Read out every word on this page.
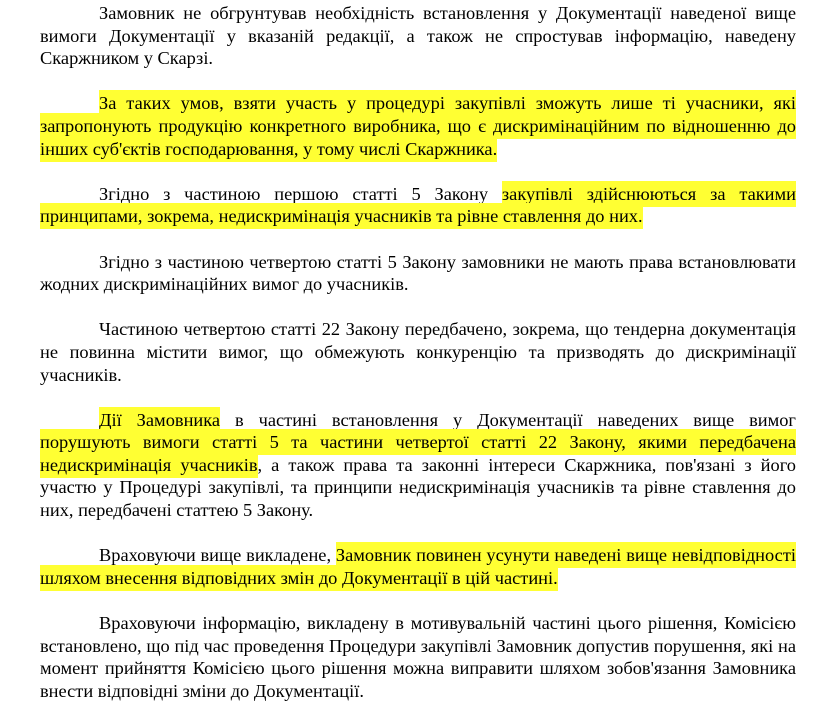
Замовник не обгрунтував необхідність встановлення у Документації наведеної вище вимоги Документації у вказаній редакції, а також не спростував інформацію, наведену Скаржником у Скарзі.

За таких умов, взяти участь у процедурі закупівлі зможуть лише ті учасники, які запропонують продукцію конкретного виробника, що є дискримінаційним по відношенню до інших суб'єктів господарювання, у тому числі Скаржника.

Згідно з частиною першою статті 5 Закону закупівлі здійснюються за такими принципами, зокрема, недискримінація учасників та рівне ставлення до них.

Згідно з частиною четвертою статті 5 Закону замовники не мають права встановлювати жодних дискримінаційних вимог до учасників.

Частиною четвертою статті 22 Закону передбачено, зокрема, що тендерна документація не повинна містити вимог, що обмежують конкуренцію та призводять до дискримінації учасників.

Дії Замовника в частині встановлення у Документації наведених вище вимог порушують вимоги статті 5 та частини четвертої статті 22 Закону, якими передбачена недискримінація учасників, а також права та законні інтереси Скаржника, пов'язані з його участю у Процедурі закупівлі, та принципи недискримінація учасників та рівне ставлення до них, передбачені статтею 5 Закону.

Враховуючи вище викладене, Замовник повинен усунути наведені вище невідповідності шляхом внесення відповідних змін до Документації в цій частині.

Враховуючи інформацію, викладену в мотивувальній частині цього рішення, Комісією встановлено, що під час проведення Процедури закупівлі Замовник допустив порушення, які на момент прийняття Комісією цього рішення можна виправити шляхом зобов'язання Замовника внести відповідні зміни до Документації.
